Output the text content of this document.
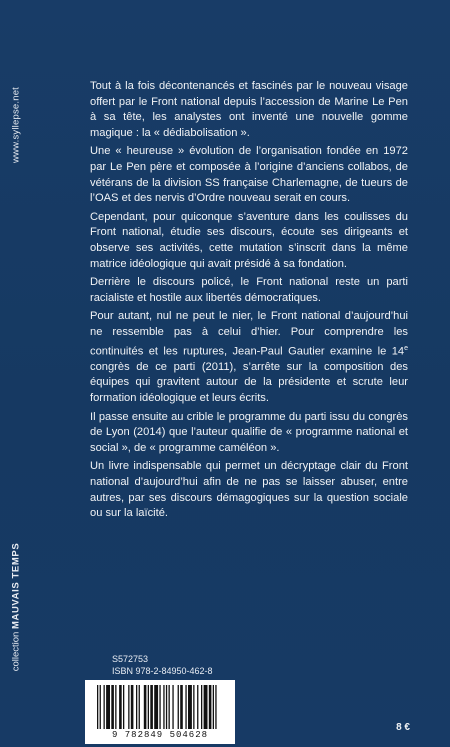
www.syllepse.net
collection MAUVAIS TEMPS

Tout à la fois décontenancés et fascinés par le nouveau visage offert par le Front national depuis l’accession de Marine Le Pen à sa tête, les analystes ont inventé une nouvelle gomme magique : la « dédiabolisation ».

Une « heureuse » évolution de l’organisation fondée en 1972 par Le Pen père et composée à l’origine d’anciens collabos, de vétérans de la division SS française Charlemagne, de tueurs de l’OAS et des nervis d’Ordre nouveau serait en cours.

Cependant, pour quiconque s’aventure dans les coulisses du Front national, étudie ses discours, écoute ses dirigeants et observe ses activités, cette mutation s’inscrit dans la même matrice idéologique qui avait présidé à sa fondation.

Derrière le discours policé, le Front national reste un parti racialiste et hostile aux libertés démocratiques.

Pour autant, nul ne peut le nier, le Front national d’aujourd’hui ne ressemble pas à celui d’hier. Pour comprendre les continuités et les ruptures, Jean-Paul Gautier examine le 14e congrès de ce parti (2011), s’arrête sur la composition des équipes qui gravitent autour de la présidente et scrute leur formation idéologique et leurs écrits.

Il passe ensuite au crible le programme du parti issu du congrès de Lyon (2014) que l’auteur qualifie de « programme national et social », de « programme caméléon ».

Un livre indispensable qui permet un décryptage clair du Front national d’aujourd’hui afin de ne pas se laisser abuser, entre autres, par ses discours démagogiques sur la question sociale ou sur la laïcité.

S572753
ISBN 978-2-84950-462-8
9 782849 504628
8 €
